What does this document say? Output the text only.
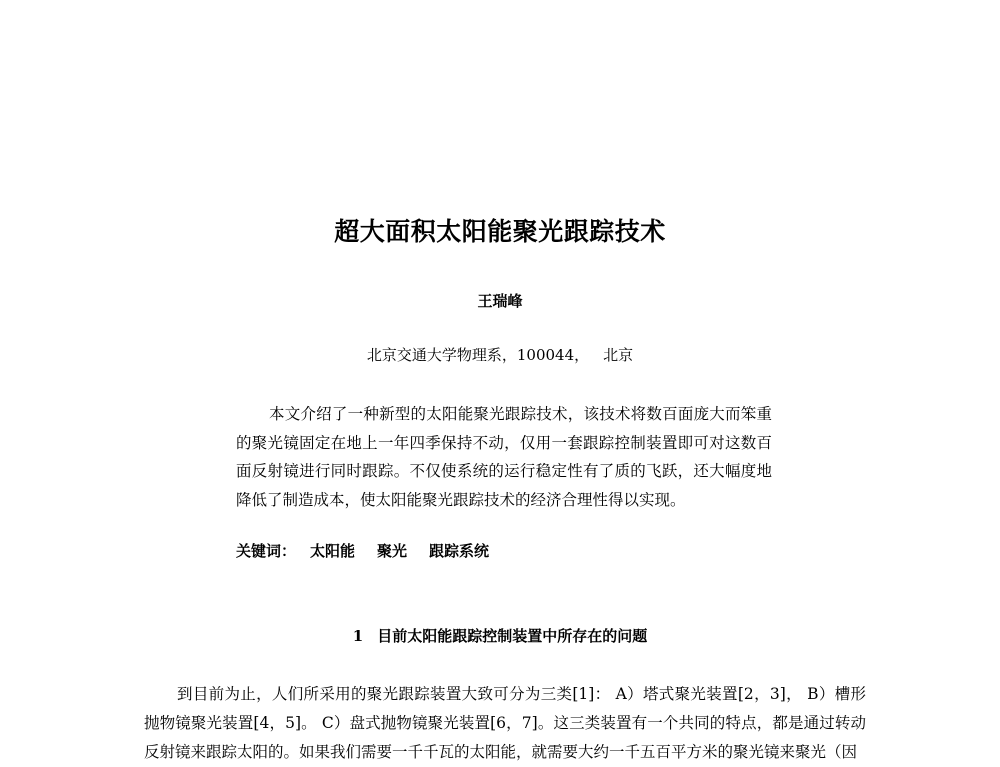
超大面积太阳能聚光跟踪技术
王瑞峰
北京交通大学物理系，100044， 北京

本文介绍了一种新型的太阳能聚光跟踪技术，该技术将数百面庞大而笨重的聚光镜固定在地上一年四季保持不动，仅用一套跟踪控制装置即可对这数百面反射镜进行同时跟踪。不仅使系统的运行稳定性有了质的飞跃，还大幅度地降低了制造成本，使太阳能聚光跟踪技术的经济合理性得以实现。

关键词： 太阳能 聚光 跟踪系统
1 目前太阳能跟踪控制装置中所存在的问题

到目前为止，人们所采用的聚光跟踪装置大致可分为三类[1]： A）塔式聚光装置[2，3]， B）槽形抛物镜聚光装置[4，5]。 C）盘式抛物镜聚光装置[6，7]。这三类装置有一个共同的特点，都是通过转动反射镜来跟踪太阳的。如果我们需要一千千瓦的太阳能，就需要大约一千五百平方米的聚光镜来聚光（因
